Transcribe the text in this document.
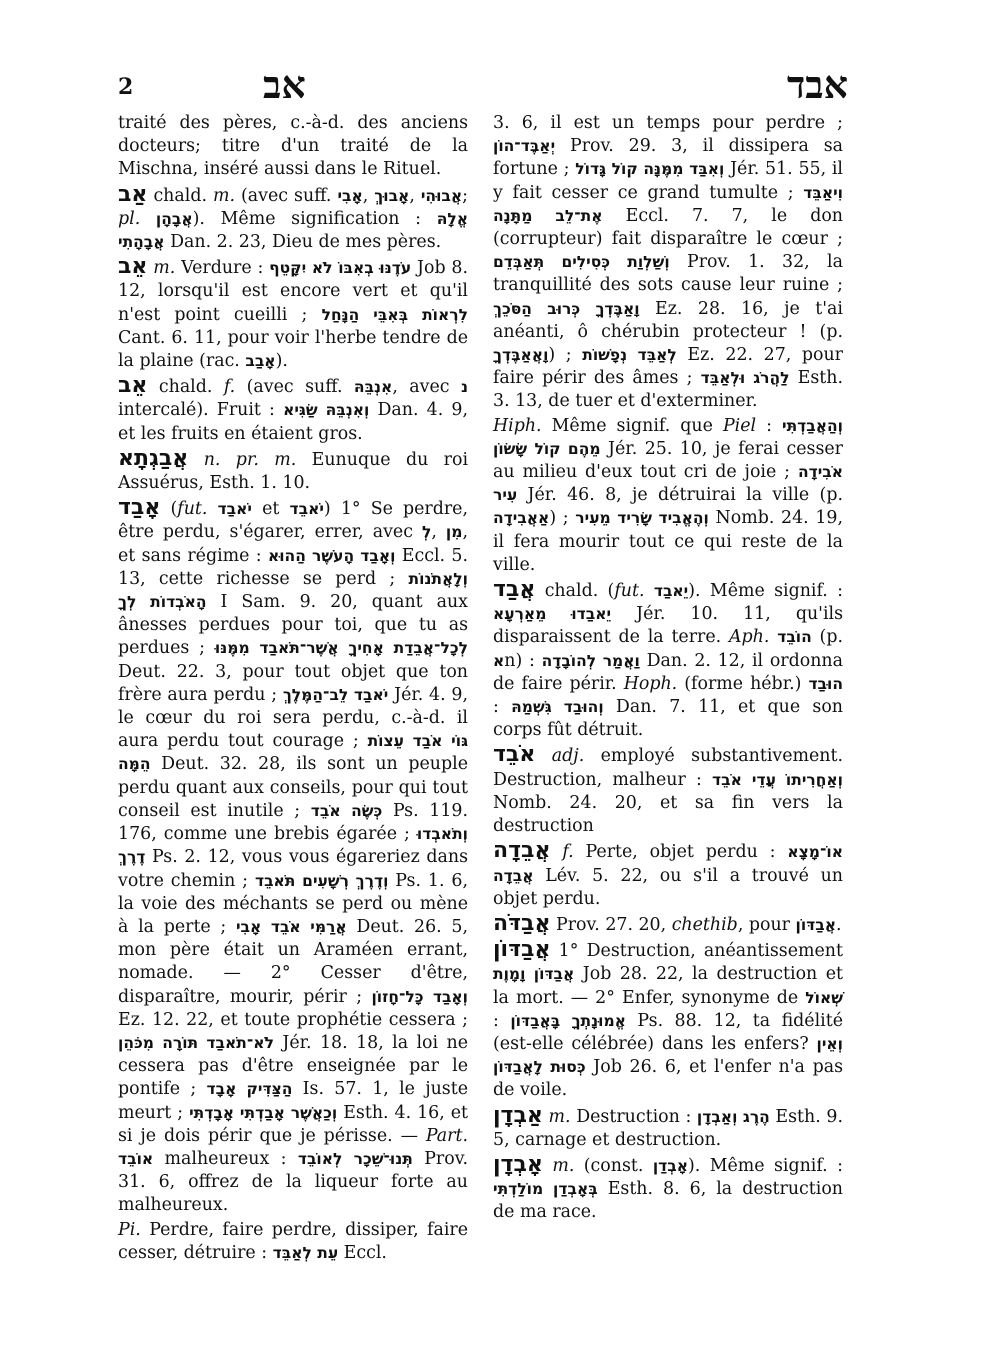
2	אב	אבד

traité des pères, c.-à-d. des anciens docteurs; titre d'un traité de la Mischna, inséré aussi dans le Rituel.

אַב chald. m. (avec suff. אָבִי, אָבוּךְ, אֲבוּהִי; pl. אֲבָהָן). Même signification : אֱלָהּ אֲבָהָתִי Dan. 2. 23, Dieu de mes pères.

אֵב m. Verdure : עֹדֶנּוּ בְאִבּוֹ לֹא יִקָּטֵף Job 8. 12, lorsqu'il est encore vert et qu'il n'est point cueilli ; לִרְאוֹת בְּאִבֵּי הַנָּחַל Cant. 6. 11, pour voir l'herbe tendre de la plaine (rac. אָבַב).

אֵב chald. f. (avec suff. אִנְבֵּהּ, avec נ intercalé). Fruit : וְאִנְבֵּהּ שַׂגִּיא Dan. 4. 9, et les fruits en étaient gros.

אֲבַגְתָא n. pr. m. Eunuque du roi Assuérus, Esth. 1. 10.

אָבַד (fut. יֹאבַד et יֹאבֵד) 1° Se perdre, être perdu, s'égarer, errer, avec לְ, מִן, et sans régime : וְאָבַד הָעֹשֶׁר הַהוּא Eccl. 5. 13, cette richesse se perd ; וְלָאֲתֹנוֹת הָאֹבְדוֹת לְךָ I Sam. 9. 20, quant aux ânesses perdues pour toi, que tu as perdues ; לְכָל־אֲבֵדַת אָחִיךָ אֲשֶׁר־תֹּאבַד מִמֶּנּוּ Deut. 22. 3, pour tout objet que ton frère aura perdu ; יֹאבַד לֵב־הַמֶּלֶךְ Jér. 4. 9, le cœur du roi sera perdu, c.-à-d. il aura perdu tout courage ; גּוֹי אֹבַד עֵצוֹת הֵמָּה Deut. 32. 28, ils sont un peuple perdu quant aux conseils, pour qui tout conseil est inutile ; כְּשֶׂה אֹבֵד Ps. 119. 176, comme une brebis égarée ; וְתֹאבְדוּ דֶרֶךְ Ps. 2. 12, vous vous égareriez dans votre chemin ; וְדֶרֶךְ רְשָׁעִים תֹּאבֵד Ps. 1. 6, la voie des méchants se perd ou mène à la perte ; אֲרַמִּי אֹבֵד אָבִי Deut. 26. 5, mon père était un Araméen errant, nomade. — 2° Cesser d'être, disparaître, mourir, périr ; וְאָבַד כָּל־חָזוֹן Ez. 12. 22, et toute prophétie cessera ; לֹא־תֹאבַד תּוֹרָה מִכֹּהֵן Jér. 18. 18, la loi ne cessera pas d'être enseignée par le pontife ; הַצַּדִּיק אָבָד Is. 57. 1, le juste meurt ; וְכַאֲשֶׁר אָבַדְתִּי אָבָדְתִּי Esth. 4. 16, et si je dois périr que je périsse. — Part. אוֹבֵד malheureux : תְּנוּ־שֵׁכָר לְאוֹבֵד Prov. 31. 6, offrez de la liqueur forte au malheureux.

Pi. Perdre, faire perdre, dissiper, faire cesser, détruire : עֵת לְאַבֵּד Eccl.

3. 6, il est un temps pour perdre ; יְאַבֶּד־הוֹן Prov. 29. 3, il dissipera sa fortune ; וְאִבַּד מִמֶּנָּה קוֹל גָּדוֹל Jér. 51. 55, il y fait cesser ce grand tumulte ; וִיאַבֵּד אֶת־לֵב מַתָּנָה Eccl. 7. 7, le don (corrupteur) fait disparaître le cœur ; וְשַׁלְוַת כְּסִילִים תְּאַבְּדֵם Prov. 1. 32, la tranquillité des sots cause leur ruine ; וָאַבֶּדְךָ כְּרוּב הַסֹּכֵךְ Ez. 28. 16, je t'ai anéanti, ô chérubin protecteur ! (p. וָאֲאַבֶּדְךָ) ; לְאַבֵּד נְפָשׁוֹת Ez. 22. 27, pour faire périr des âmes ; לַהֲרֹג וּלְאַבֵּד Esth. 3. 13, de tuer et d'exterminer.

Hiph. Même signif. que Piel : וְהַאֲבַדְתִּי מֵהֶם קוֹל שָׂשׂוֹן Jér. 25. 10, je ferai cesser au milieu d'eux tout cri de joie ; אֹבִידָה עִיר Jér. 46. 8, je détruirai la ville (p. אַאֲבִידָה) ; וְהֶאֱבִיד שָׂרִיד מֵעִיר Nomb. 24. 19, il fera mourir tout ce qui reste de la ville.

אֲבַד chald. (fut. יֵאבַד). Même signif. : יֵאבַדוּ מֵאַרְעָא Jér. 10. 11, qu'ils disparaissent de la terre. Aph. הוֹבֵד (p. אn) : וַאֲמַר לְהוֹבָדָה Dan. 2. 12, il ordonna de faire périr. Hoph. (forme hébr.) הוּבַד : וְהוּבַד גִּשְׁמַהּ Dan. 7. 11, et que son corps fût détruit.

אֹבֵד adj. employé substantivement. Destruction, malheur : וְאַחֲרִיתוֹ עֲדֵי אֹבֵד Nomb. 24. 20, et sa fin vers la destruction

אֲבֵדָה f. Perte, objet perdu : אוֹ־מָצָא אֲבֵדָה Lév. 5. 22, ou s'il a trouvé un objet perdu.

אֲבַדֹּה Prov. 27. 20, chethib, pour אֲבַדּוֹן.

אֲבַדּוֹן 1° Destruction, anéantissement אֲבַדּוֹן וָמָוֶת Job 28. 22, la destruction et la mort. — 2° Enfer, synonyme de שְׁאוֹל : אֱמוּנָתְךָ בָּאֲבַדּוֹן Ps. 88. 12, ta fidélité (est-elle célébrée) dans les enfers? וְאֵין כְּסוּת לָאֲבַדּוֹן Job 26. 6, et l'enfer n'a pas de voile.

אַבְדָן m. Destruction : הֶרֶג וְאַבְדָן Esth. 9. 5, carnage et destruction.

אָבְדָן m. (const. אָבְדַן). Même signif. : בְּאָבְדַן מוֹלַדְתִּי Esth. 8. 6, la destruction de ma race.
